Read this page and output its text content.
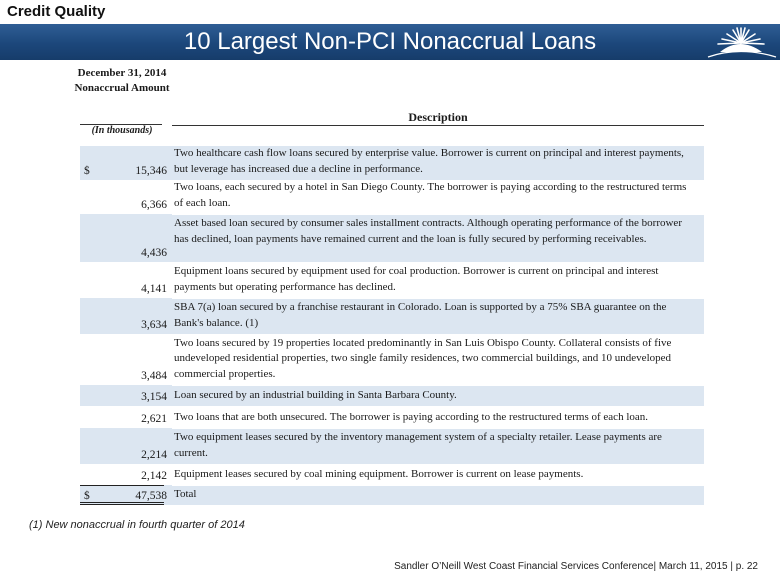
Credit Quality
10 Largest Non-PCI Nonaccrual Loans
December 31, 2014 Nonaccrual Amount
(In thousands)
Description
$	15,346
Two healthcare cash flow loans secured by enterprise value. Borrower is current on principal and interest payments, but leverage has increased due a decline in performance.
6,366
Two loans, each secured by a hotel in San Diego County. The borrower is paying according to the restructured terms of each loan.
4,436
Asset based loan secured by consumer sales installment contracts. Although operating performance of the borrower has declined, loan payments have remained current and the loan is fully secured by performing receivables.
4,141
Equipment loans secured by equipment used for coal production. Borrower is current on principal and interest payments but operating performance has declined.
3,634
SBA 7(a) loan secured by a franchise restaurant in Colorado. Loan is supported by a 75% SBA guarantee on the Bank's balance. (1)
3,484
Two loans secured by 19 properties located predominantly in San Luis Obispo County. Collateral consists of five undeveloped residential properties, two single family residences, two commercial buildings, and 10 undeveloped commercial properties.
3,154 Loan secured by an industrial building in Santa Barbara County.
2,621 Two loans that are both unsecured. The borrower is paying according to the restructured terms of each loan.
2,214
Two equipment leases secured by the inventory management system of a specialty retailer. Lease payments are current.
2,142 Equipment leases secured by coal mining equipment. Borrower is current on lease payments.
$	47,538 Total
(1) New nonaccrual in fourth quarter of 2014
Sandler O’Neill West Coast Financial Services Conference| March 11, 2015 | p. 22
